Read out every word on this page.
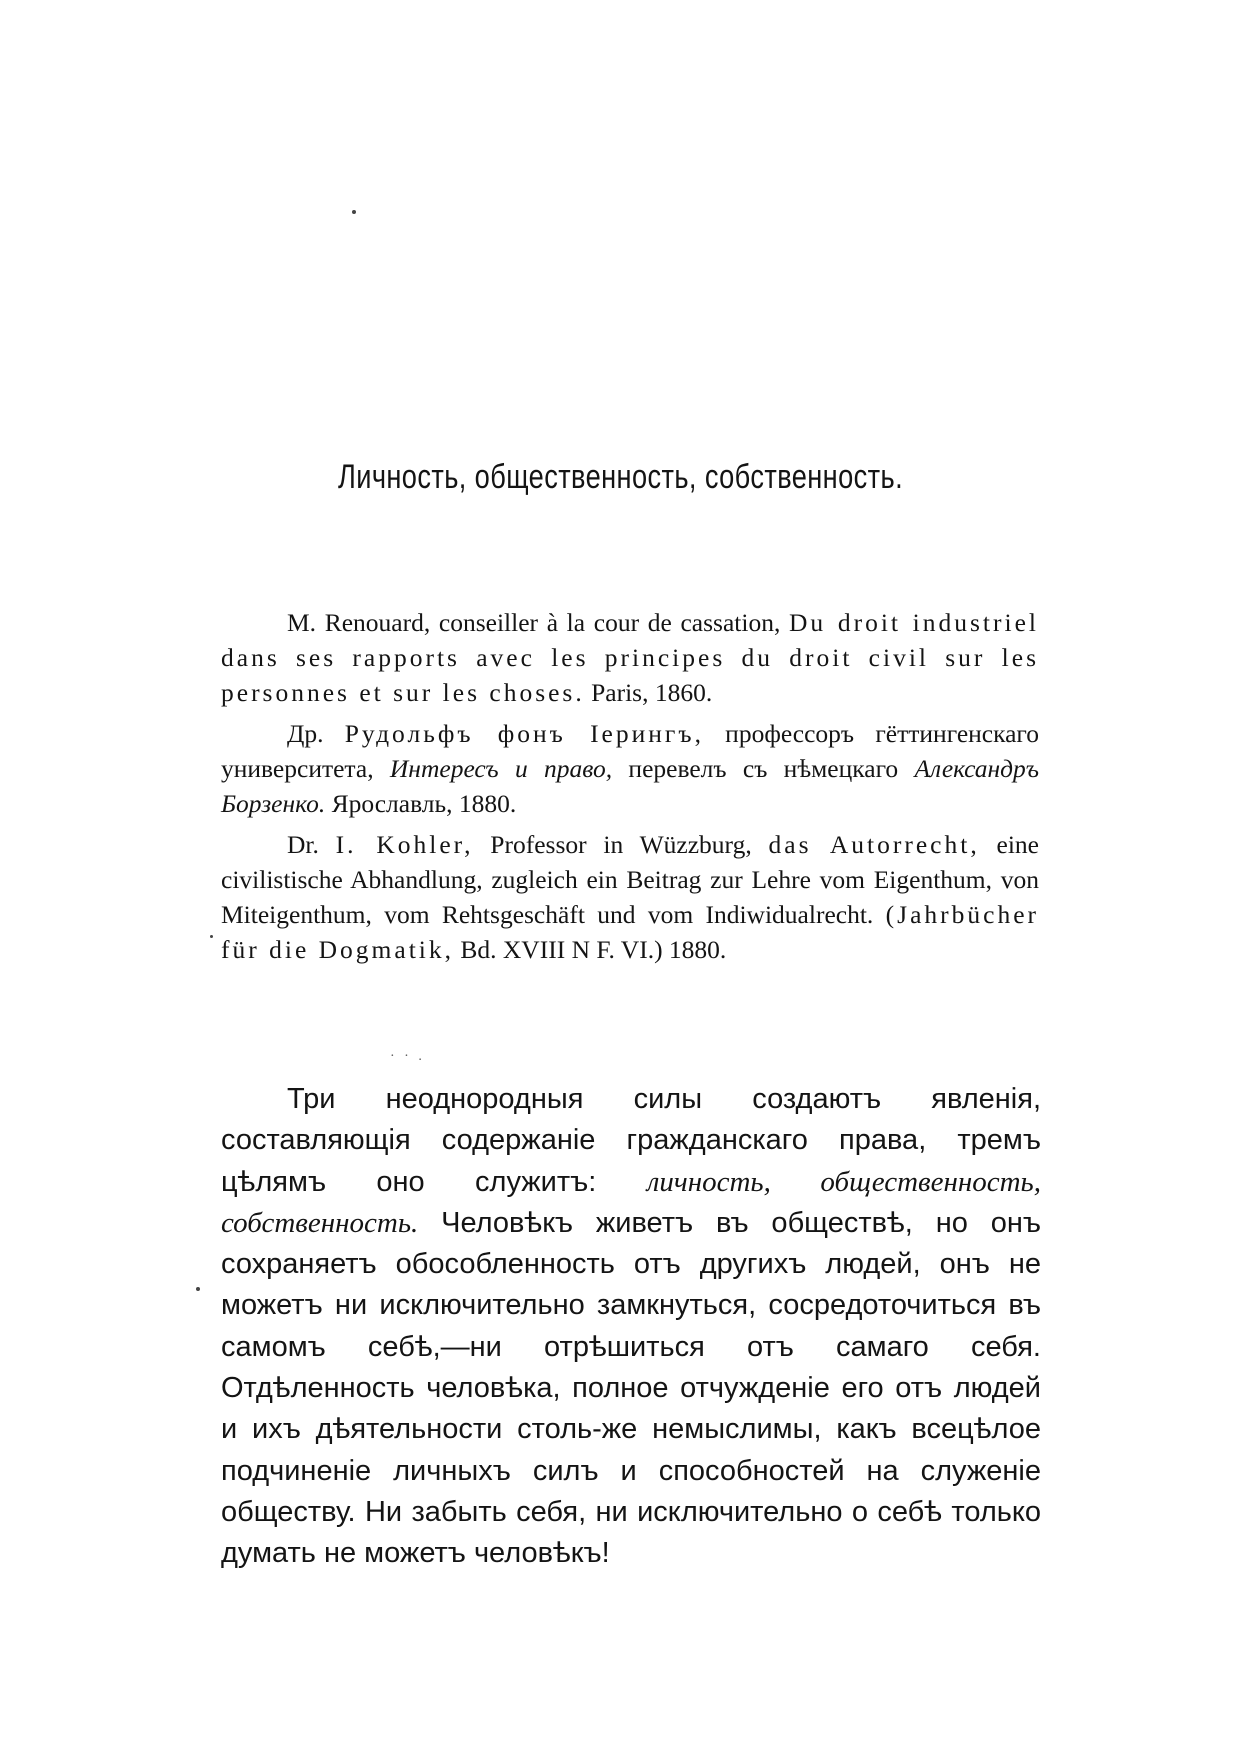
Личность, общественность, собственность.

M. Renouard, conseiller à la cour de cassation, Du droit industriel dans ses rapports avec les principes du droit civil sur les personnes et sur les choses. Paris, 1860.

Др. Рудольфъ фонъ Iерингъ, профессоръ гёттингенскаго университета, Интересъ и право, перевелъ съ нѣмецкаго Александръ Борзенко. Ярославль, 1880.

Dr. I. Kohler, Professor in Wüzzburg, das Autorrecht, eine civilistische Abhandlung, zugleich ein Beitrag zur Lehre vom Eigenthum, von Miteigenthum, vom Rehtsgeschäft und vom Indiwidualrecht. (Jahrbücher für die Dogmatik, Bd. XVIII N F. VI.) 1880.

· · .

Три неоднородныя силы создаютъ явленія, составляющія содержаніе гражданскаго права, тремъ цѣлямъ оно служитъ: личность, общественность, собственность. Человѣкъ живетъ въ обществѣ, но онъ сохраняетъ обособленность отъ другихъ людей, онъ не можетъ ни исключительно замкнуться, сосредоточиться въ самомъ себѣ,—ни отрѣшиться отъ самаго себя. Отдѣленность человѣка, полное отчужденіе его отъ людей и ихъ дѣятельности столь-же немыслимы, какъ всецѣлое подчиненіе личныхъ силъ и способностей на служеніе обществу. Ни забыть себя, ни исключительно о себѣ только думать не можетъ человѣкъ!
